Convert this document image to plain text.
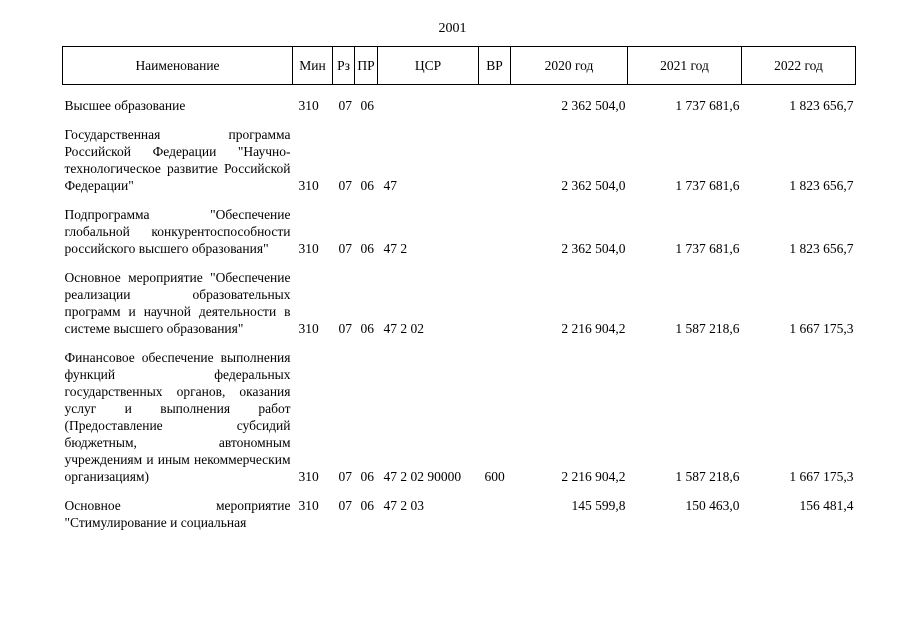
2001
Наименование	Мин	Рз	ПР	ЦСР	ВР	2020 год	2021 год	2022 год

Высшее образование	310	07	06			2 362 504,0	1 737 681,6	1 823 656,7

Государственная программа Российской Федерации "Научно-технологическое развитие Российской Федерации"	310	07	06	47		2 362 504,0	1 737 681,6	1 823 656,7

Подпрограмма "Обеспечение глобальной конкурентоспособности российского высшего образования"	310	07	06	47 2		2 362 504,0	1 737 681,6	1 823 656,7

Основное мероприятие "Обеспечение реализации образовательных программ и научной деятельности в системе высшего образования"	310	07	06	47 2 02		2 216 904,2	1 587 218,6	1 667 175,3

Финансовое обеспечение выполнения функций федеральных государственных органов, оказания услуг и выполнения работ (Предоставление субсидий бюджетным, автономным учреждениям и иным некоммерческим организациям)	310	07	06	47 2 02 90000	600	2 216 904,2	1 587 218,6	1 667 175,3

Основное мероприятие "Стимулирование и социальная	310	07	06	47 2 03		145 599,8	150 463,0	156 481,4
